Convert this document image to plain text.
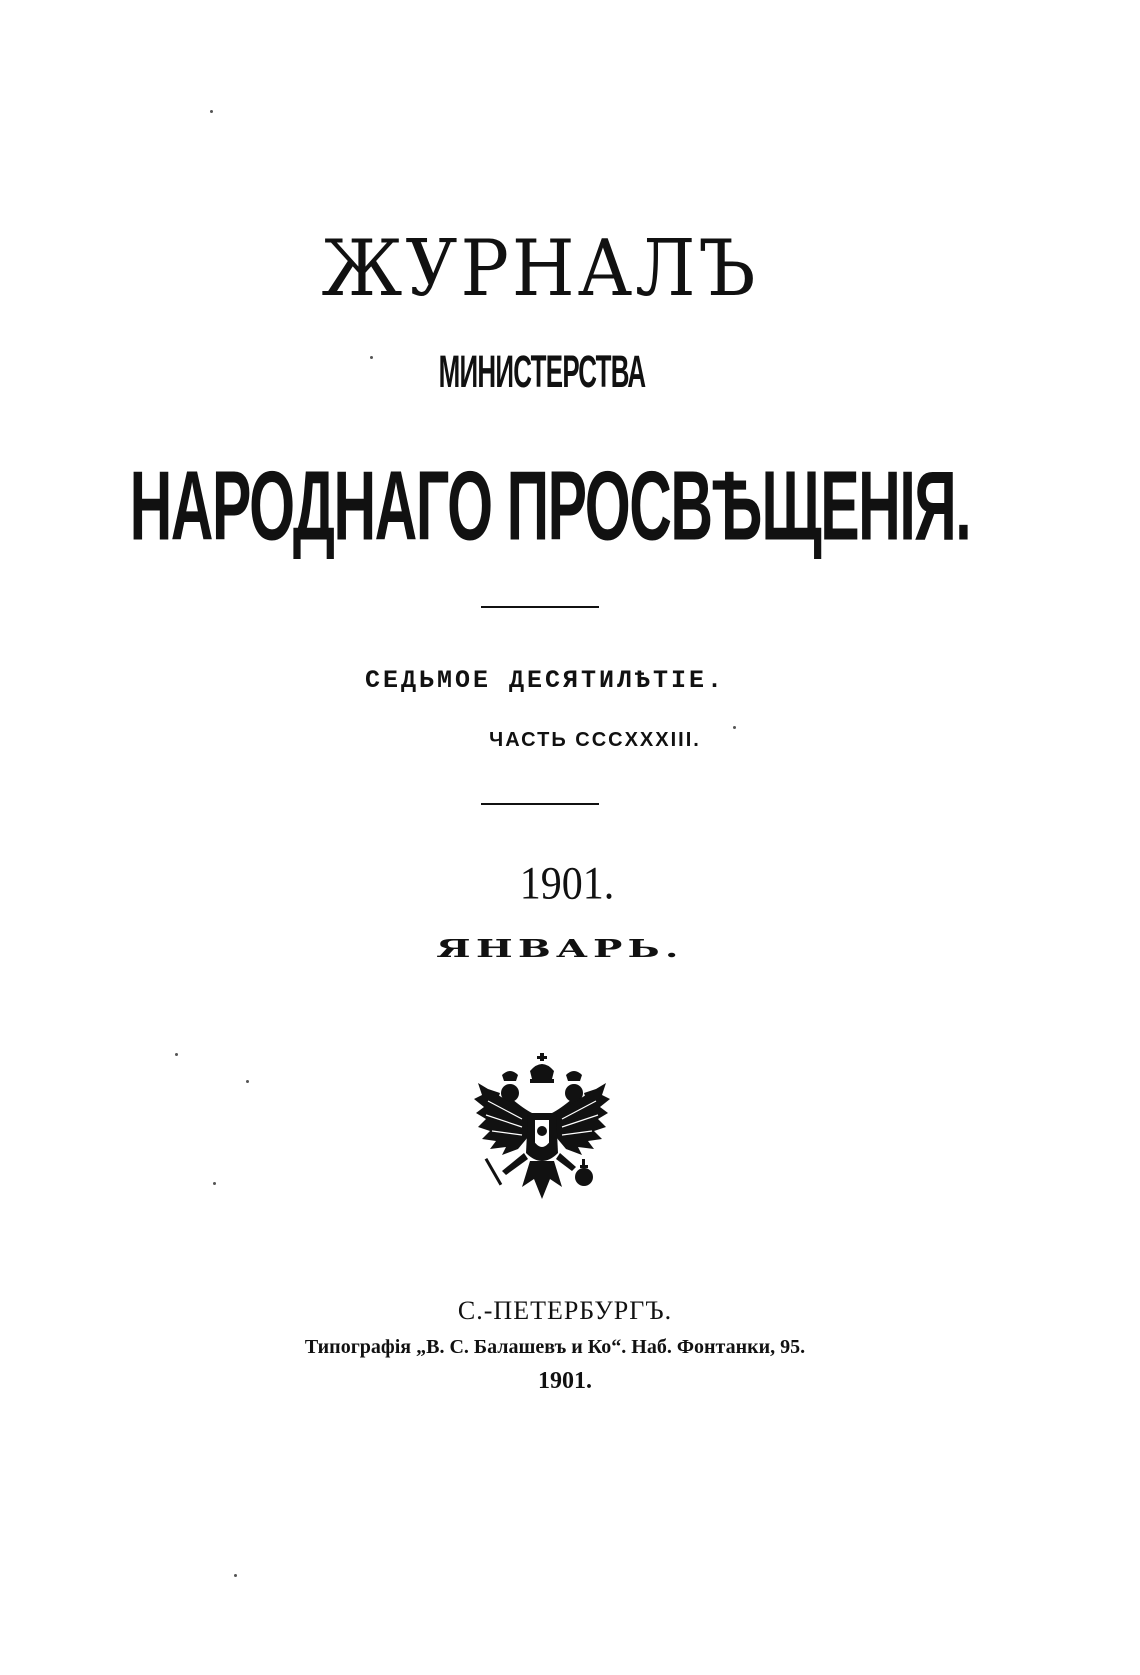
ЖУРНАЛЪ
МИНИСТЕРСТВА
НАРОДНАГО ПРОСВѢЩЕНІЯ.
СЕДЬМОЕ ДЕСЯТИЛѢТІЕ.
ЧАСТЬ CCCXXXIII.
1901.
ЯНВАРЬ.
С.-ПЕТЕРБУРГЪ.
Типографія „В. С. Балашевъ и Ко“. Наб. Фонтанки, 95.
1901.
